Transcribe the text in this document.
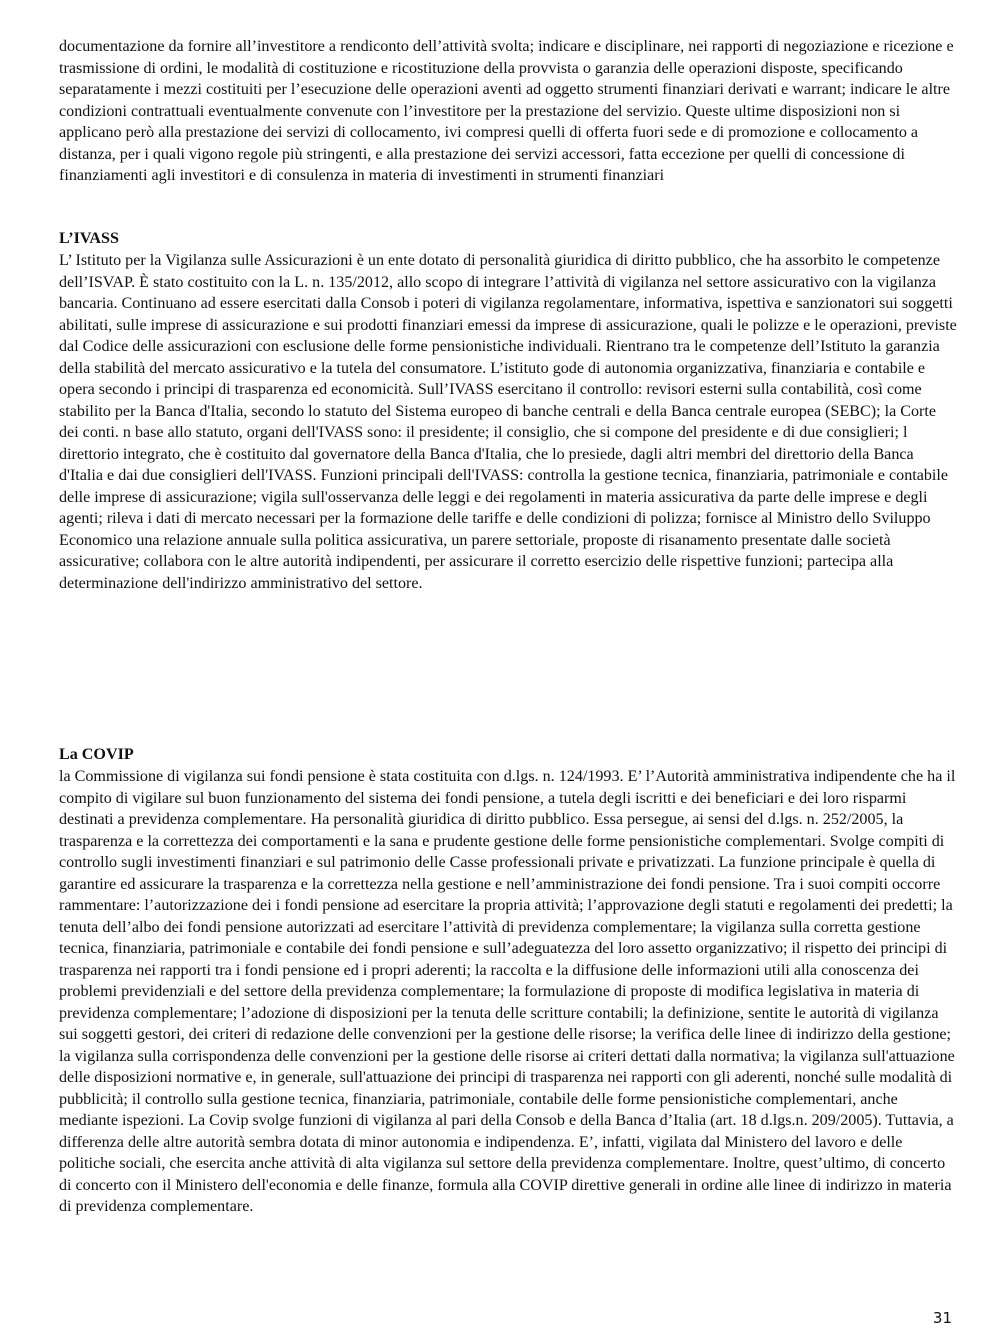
documentazione da fornire all’investitore a rendiconto dell’attività svolta; indicare e disciplinare, nei rapporti di negoziazione e ricezione e trasmissione di ordini, le modalità di costituzione e ricostituzione della provvista o garanzia delle operazioni disposte, specificando separatamente i mezzi costituiti per l’esecuzione delle operazioni aventi ad oggetto strumenti finanziari derivati e warrant; indicare le altre condizioni contrattuali eventualmente convenute con l’investitore per la prestazione del servizio. Queste ultime disposizioni non si applicano però alla prestazione dei servizi di collocamento, ivi compresi quelli di offerta fuori sede e di promozione e collocamento a distanza, per i quali vigono regole più stringenti, e alla prestazione dei servizi accessori, fatta eccezione per quelli di concessione di finanziamenti agli investitori e di consulenza in materia di investimenti in strumenti finanziari

L’IVASS

L’ Istituto per la Vigilanza sulle Assicurazioni è un ente dotato di personalità giuridica di diritto pubblico, che ha assorbito le competenze dell’ISVAP. È stato costituito con la L. n. 135/2012, allo scopo di integrare l’attività di vigilanza nel settore assicurativo con la vigilanza bancaria. Continuano ad essere esercitati dalla Consob i poteri di vigilanza regolamentare, informativa, ispettiva e sanzionatori sui soggetti abilitati, sulle imprese di assicurazione e sui prodotti finanziari emessi da imprese di assicurazione, quali le polizze e le operazioni, previste dal Codice delle assicurazioni con esclusione delle forme pensionistiche individuali. Rientrano tra le competenze dell’Istituto la garanzia della stabilità del mercato assicurativo e la tutela del consumatore. L’istituto gode di autonomia organizzativa, finanziaria e contabile e opera secondo i principi di trasparenza ed economicità. Sull’IVASS esercitano il controllo: revisori esterni sulla contabilità, così come stabilito per la Banca d'Italia, secondo lo statuto del Sistema europeo di banche centrali e della Banca centrale europea (SEBC); la Corte dei conti. n base allo statuto, organi dell'IVASS sono: il presidente; il consiglio, che si compone del presidente e di due consiglieri; l direttorio integrato, che è costituito dal governatore della Banca d'Italia, che lo presiede, dagli altri membri del direttorio della Banca d'Italia e dai due consiglieri dell'IVASS. Funzioni principali dell'IVASS: controlla la gestione tecnica, finanziaria, patrimoniale e contabile delle imprese di assicurazione; vigila sull'osservanza delle leggi e dei regolamenti in materia assicurativa da parte delle imprese e degli agenti; rileva i dati di mercato necessari per la formazione delle tariffe e delle condizioni di polizza; fornisce al Ministro dello Sviluppo Economico una relazione annuale sulla politica assicurativa, un parere settoriale, proposte di risanamento presentate dalle società assicurative; collabora con le altre autorità indipendenti, per assicurare il corretto esercizio delle rispettive funzioni; partecipa alla determinazione dell'indirizzo amministrativo del settore.

La COVIP

la Commissione di vigilanza sui fondi pensione è stata costituita con d.lgs. n. 124/1993. E’ l’Autorità amministrativa indipendente che ha il compito di vigilare sul buon funzionamento del sistema dei fondi pensione, a tutela degli iscritti e dei beneficiari e dei loro risparmi destinati a previdenza complementare. Ha personalità giuridica di diritto pubblico. Essa persegue, ai sensi del d.lgs. n. 252/2005, la trasparenza e la correttezza dei comportamenti e la sana e prudente gestione delle forme pensionistiche complementari. Svolge compiti di controllo sugli investimenti finanziari e sul patrimonio delle Casse professionali private e privatizzati. La funzione principale è quella di garantire ed assicurare la trasparenza e la correttezza nella gestione e nell’amministrazione dei fondi pensione. Tra i suoi compiti occorre rammentare: l’autorizzazione dei i fondi pensione ad esercitare la propria attività; l’approvazione degli statuti e regolamenti dei predetti; la tenuta dell’albo dei fondi pensione autorizzati ad esercitare l’attività di previdenza complementare; la vigilanza sulla corretta gestione tecnica, finanziaria, patrimoniale e contabile dei fondi pensione e sull’adeguatezza del loro assetto organizzativo; il rispetto dei principi di trasparenza nei rapporti tra i fondi pensione ed i propri aderenti; la raccolta e la diffusione delle informazioni utili alla conoscenza dei problemi previdenziali e del settore della previdenza complementare; la formulazione di proposte di modifica legislativa in materia di previdenza complementare; l’adozione di disposizioni per la tenuta delle scritture contabili; la definizione, sentite le autorità di vigilanza sui soggetti gestori, dei criteri di redazione delle convenzioni per la gestione delle risorse; la verifica delle linee di indirizzo della gestione; la vigilanza sulla corrispondenza delle convenzioni per la gestione delle risorse ai criteri dettati dalla normativa; la vigilanza sull'attuazione delle disposizioni normative e, in generale, sull'attuazione dei principi di trasparenza nei rapporti con gli aderenti, nonché sulle modalità di pubblicità; il controllo sulla gestione tecnica, finanziaria, patrimoniale, contabile delle forme pensionistiche complementari, anche mediante ispezioni. La Covip svolge funzioni di vigilanza al pari della Consob e della Banca d’Italia (art. 18 d.lgs.n. 209/2005). Tuttavia, a differenza delle altre autorità sembra dotata di minor autonomia e indipendenza. E’, infatti, vigilata dal Ministero del lavoro e delle politiche sociali, che esercita anche attività di alta vigilanza sul settore della previdenza complementare. Inoltre, quest’ultimo, di concerto di concerto con il Ministero dell'economia e delle finanze, formula alla COVIP direttive generali in ordine alle linee di indirizzo in materia di previdenza complementare.

31
